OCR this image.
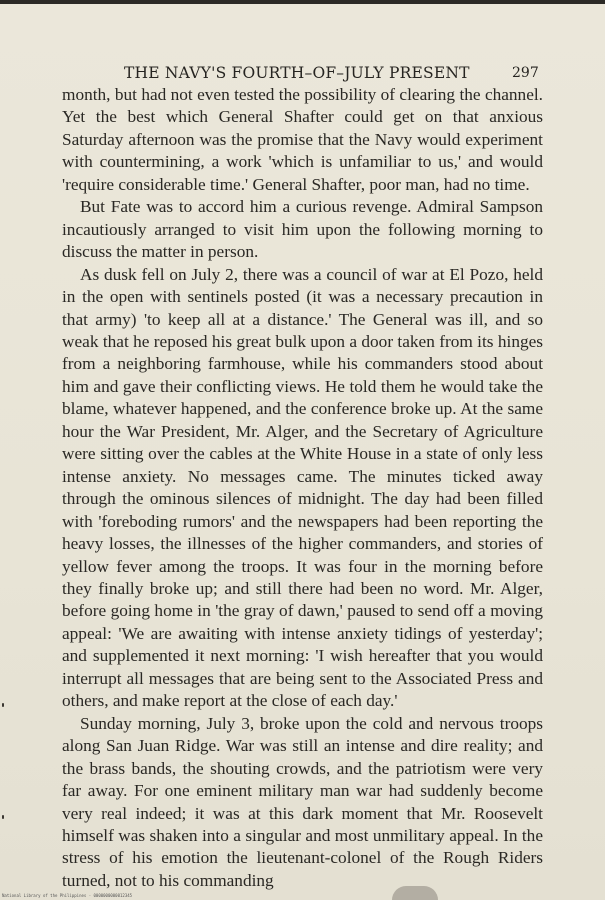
THE NAVY'S FOURTH–OF–JULY PRESENT	297

month, but had not even tested the possibility of clearing the channel. Yet the best which General Shafter could get on that anxious Saturday afternoon was the promise that the Navy would experiment with countermining, a work 'which is unfamiliar to us,' and would 'require considerable time.' General Shafter, poor man, had no time.

But Fate was to accord him a curious revenge. Admiral Sampson incautiously arranged to visit him upon the following morning to discuss the matter in person.

As dusk fell on July 2, there was a council of war at El Pozo, held in the open with sentinels posted (it was a necessary precaution in that army) 'to keep all at a distance.' The General was ill, and so weak that he reposed his great bulk upon a door taken from its hinges from a neighboring farmhouse, while his commanders stood about him and gave their conflicting views. He told them he would take the blame, whatever happened, and the conference broke up. At the same hour the War President, Mr. Alger, and the Secretary of Agriculture were sitting over the cables at the White House in a state of only less intense anxiety. No messages came. The minutes ticked away through the ominous silences of midnight. The day had been filled with 'foreboding rumors' and the newspapers had been reporting the heavy losses, the illnesses of the higher commanders, and stories of yellow fever among the troops. It was four in the morning before they finally broke up; and still there had been no word. Mr. Alger, before going home in 'the gray of dawn,' paused to send off a moving appeal: 'We are awaiting with intense anxiety tidings of yesterday'; and supplemented it next morning: 'I wish hereafter that you would interrupt all messages that are being sent to the Associated Press and others, and make report at the close of each day.'

Sunday morning, July 3, broke upon the cold and nervous troops along San Juan Ridge. War was still an intense and dire reality; and the brass bands, the shouting crowds, and the patriotism were very far away. For one eminent military man war had suddenly become very real indeed; it was at this dark moment that Mr. Roosevelt himself was shaken into a singular and most unmilitary appeal. In the stress of his emotion the lieutenant-colonel of the Rough Riders turned, not to his commanding

National Library of the Philippines · 0000000000012345
